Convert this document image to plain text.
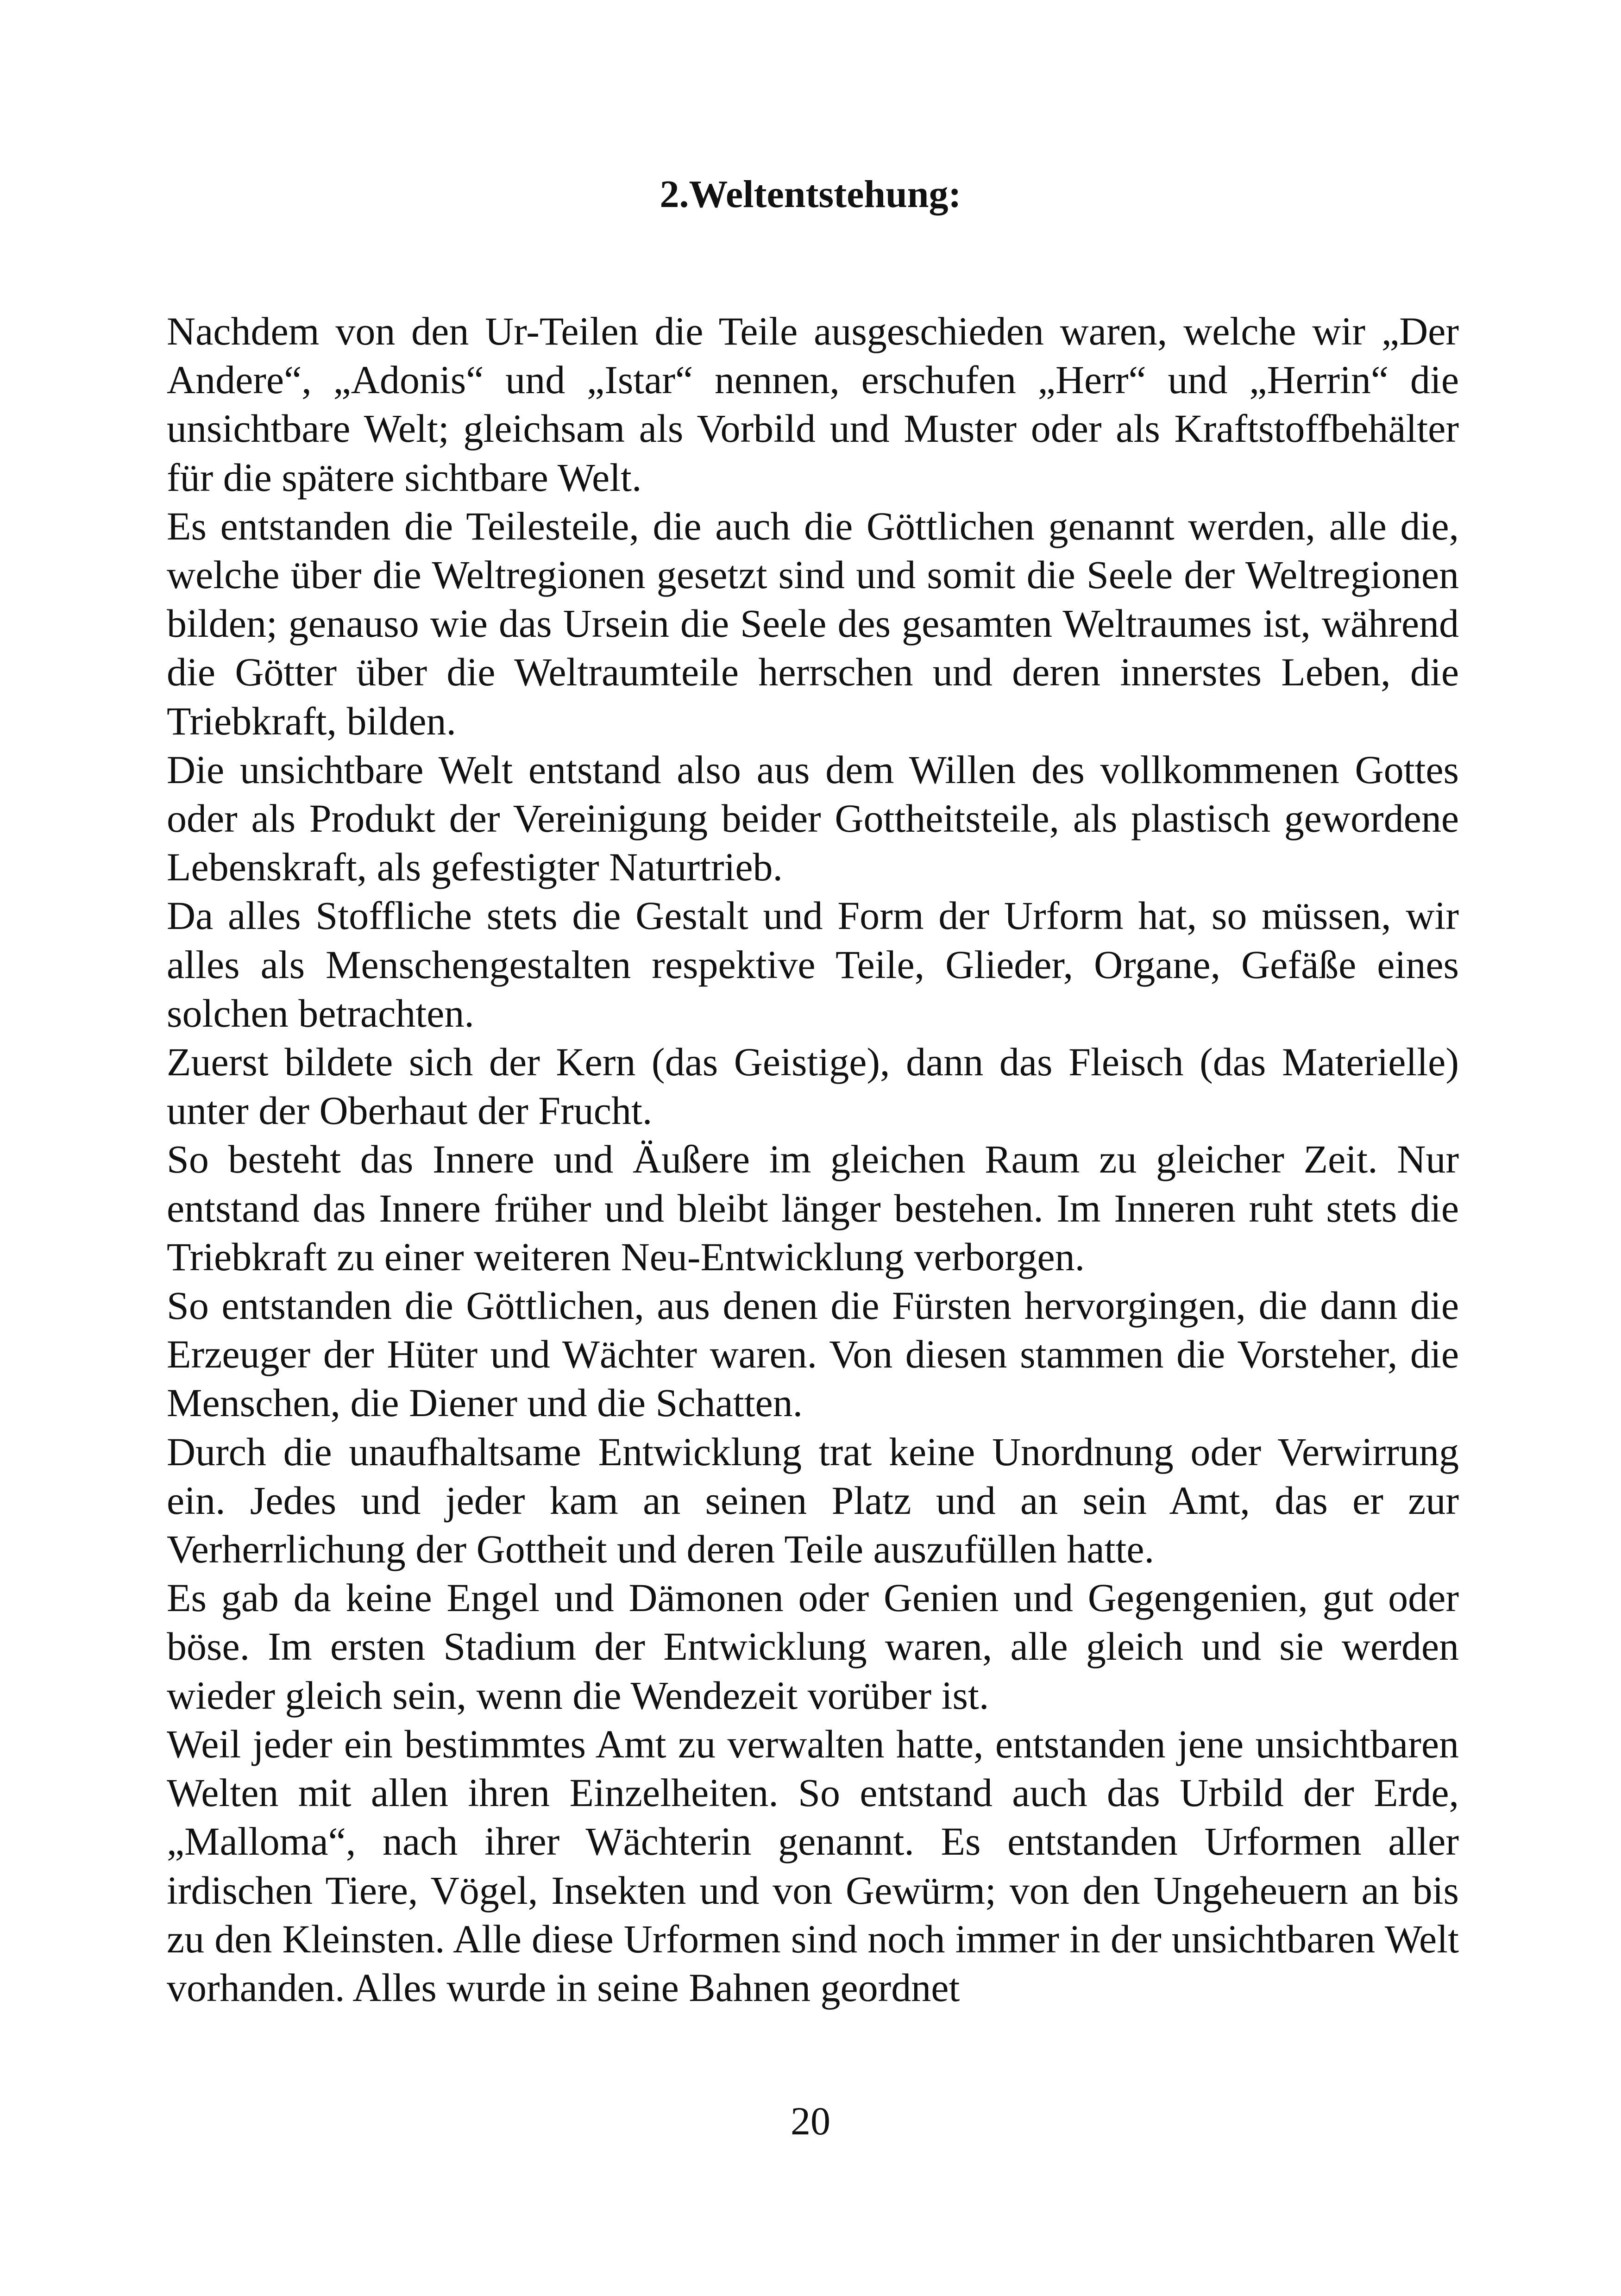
2.Weltentstehung:

Nachdem von den Ur-Teilen die Teile ausgeschieden waren, welche wir „Der Andere“, „Adonis“ und „Istar“ nennen, erschufen „Herr“ und „Herrin“ die unsichtbare Welt; gleichsam als Vorbild und Muster oder als Kraftstoffbehälter für die spätere sichtbare Welt.

Es entstanden die Teilesteile, die auch die Göttlichen genannt werden, alle die, welche über die Weltregionen gesetzt sind und somit die Seele der Weltregionen bilden; genauso wie das Ursein die Seele des gesamten Weltraumes ist, während die Götter über die Weltraumteile herrschen und deren innerstes Leben, die Triebkraft, bilden.

Die unsichtbare Welt entstand also aus dem Willen des vollkommenen Gottes oder als Produkt der Vereinigung beider Gottheitsteile, als plastisch gewordene Lebenskraft, als gefestigter Naturtrieb.

Da alles Stoffliche stets die Gestalt und Form der Urform hat, so müssen, wir alles als Menschengestalten respektive Teile, Glieder, Organe, Gefäße eines solchen betrachten.

Zuerst bildete sich der Kern (das Geistige), dann das Fleisch (das Materielle) unter der Oberhaut der Frucht.

So besteht das Innere und Äußere im gleichen Raum zu gleicher Zeit. Nur entstand das Innere früher und bleibt länger bestehen. Im Inneren ruht stets die Triebkraft zu einer weiteren Neu-Entwicklung verborgen.

So entstanden die Göttlichen, aus denen die Fürsten hervorgingen, die dann die Erzeuger der Hüter und Wächter waren. Von diesen stammen die Vorsteher, die Menschen, die Diener und die Schatten.

Durch die unaufhaltsame Entwicklung trat keine Unordnung oder Verwirrung ein. Jedes und jeder kam an seinen Platz und an sein Amt, das er zur Verherrlichung der Gottheit und deren Teile auszufüllen hatte.

Es gab da keine Engel und Dämonen oder Genien und Gegengenien, gut oder böse. Im ersten Stadium der Entwicklung waren, alle gleich und sie werden wieder gleich sein, wenn die Wendezeit vorüber ist.

Weil jeder ein bestimmtes Amt zu verwalten hatte, entstanden jene unsichtbaren Welten mit allen ihren Einzelheiten. So entstand auch das Urbild der Erde, „Malloma“, nach ihrer Wächterin genannt. Es entstanden Urformen aller irdischen Tiere, Vögel, Insekten und von Gewürm; von den Ungeheuern an bis zu den Kleinsten. Alle diese Urformen sind noch immer in der unsichtbaren Welt vorhanden. Alles wurde in seine Bahnen geordnet

20
